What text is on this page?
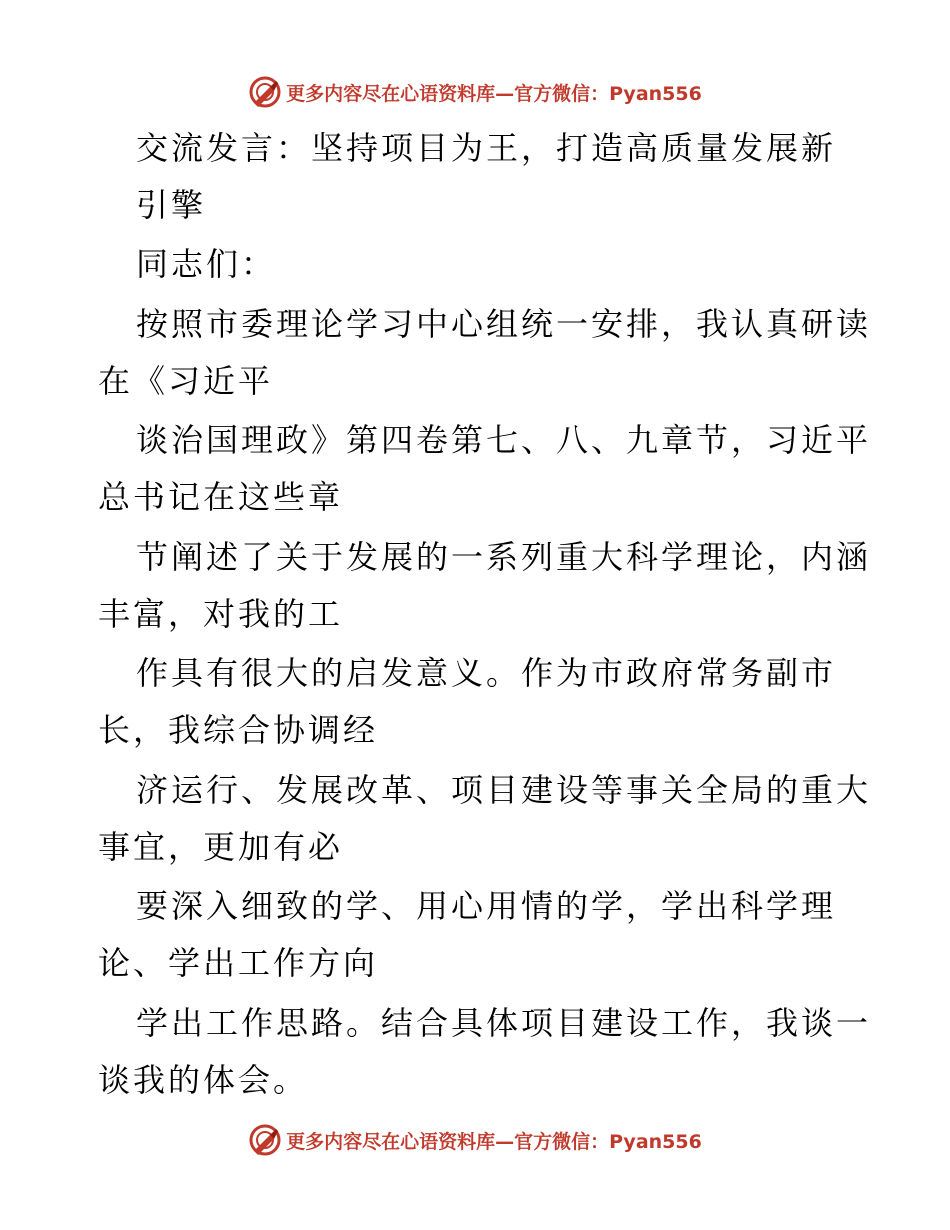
更多内容尽在心语资料库—官方微信：Pyan556
交流发言：坚持项目为王，打造高质量发展新
引擎
同志们：
按照市委理论学习中心组统一安排，我认真研读
在《习近平
谈治国理政》第四卷第七、八、九章节，习近平
总书记在这些章
节阐述了关于发展的一系列重大科学理论，内涵
丰富，对我的工
作具有很大的启发意义。作为市政府常务副市
长，我综合协调经
济运行、发展改革、项目建设等事关全局的重大
事宜，更加有必
要深入细致的学、用心用情的学，学出科学理
论、学出工作方向
学出工作思路。结合具体项目建设工作，我谈一
谈我的体会。
更多内容尽在心语资料库—官方微信：Pyan556
